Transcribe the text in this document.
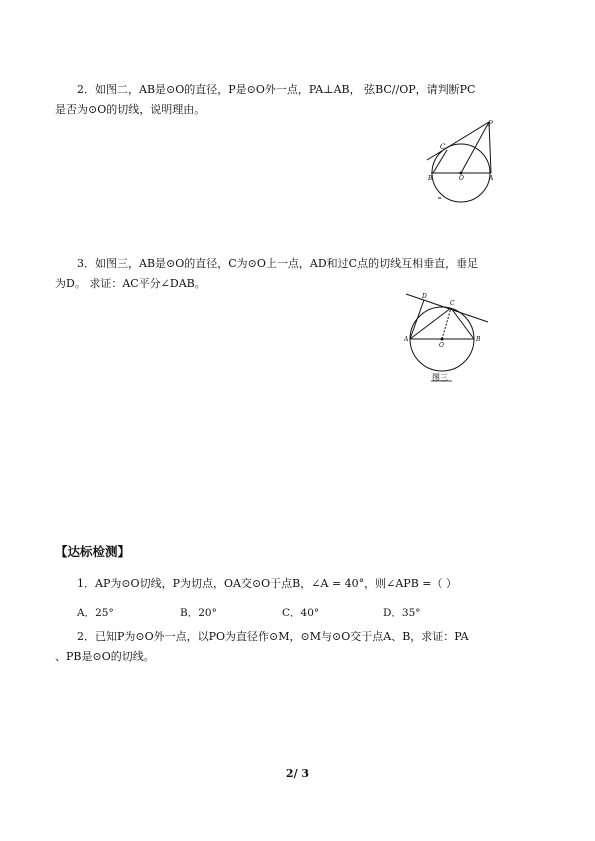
2．如图二，AB是⊙O的直径，P是⊙O外一点，PA⊥AB， 弦BC//OP，请判断PC
是否为⊙O的切线，说明理由。
P
C
B	O	A
3．如图三，AB是⊙O的直径，C为⊙O上一点，AD和过C点的切线互相垂直，垂足
为D。 求证：AC平分∠DAB。
D
C
A
O
B
图三
【达标检测】
1．AP为⊙O切线，P为切点，OA交⊙O于点B，∠A = 40°，则∠APB =（ ）
A．25°	B．20°	C．40°	D．35°
2．已知P为⊙O外一点，以PO为直径作⊙M，⊙M与⊙O交于点A、B，求证：PA
、PB是⊙O的切线。
2/ 3
